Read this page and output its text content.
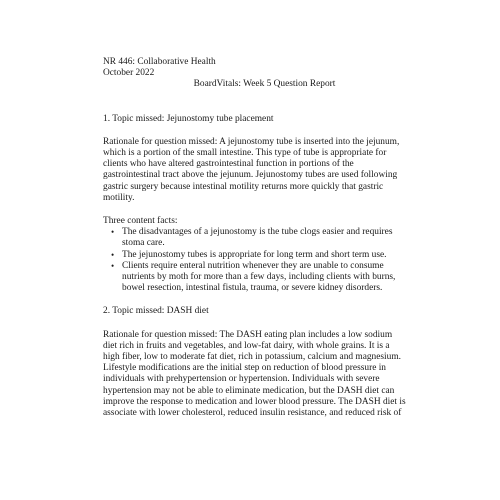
NR 446: Collaborative Health
October 2022
BoardVitals: Week 5 Question Report
1. Topic missed: Jejunostomy tube placement
Rationale for question missed: A jejunostomy tube is inserted into the jejunum, which is a portion of the small intestine. This type of tube is appropriate for clients who have altered gastrointestinal function in portions of the gastrointestinal tract above the jejunum. Jejunostomy tubes are used following gastric surgery because intestinal motility returns more quickly that gastric motility.
Three content facts:
• The disadvantages of a jejunostomy is the tube clogs easier and requires stoma care.
• The jejunostomy tubes is appropriate for long term and short term use.
• Clients require enteral nutrition whenever they are unable to consume nutrients by moth for more than a few days, including clients with burns, bowel resection, intestinal fistula, trauma, or severe kidney disorders.
2. Topic missed: DASH diet
Rationale for question missed: The DASH eating plan includes a low sodium diet rich in fruits and vegetables, and low-fat dairy, with whole grains. It is a high fiber, low to moderate fat diet, rich in potassium, calcium and magnesium. Lifestyle modifications are the initial step on reduction of blood pressure in individuals with prehypertension or hypertension. Individuals with severe hypertension may not be able to eliminate medication, but the DASH diet can improve the response to medication and lower blood pressure. The DASH diet is associate with lower cholesterol, reduced insulin resistance, and reduced risk of
